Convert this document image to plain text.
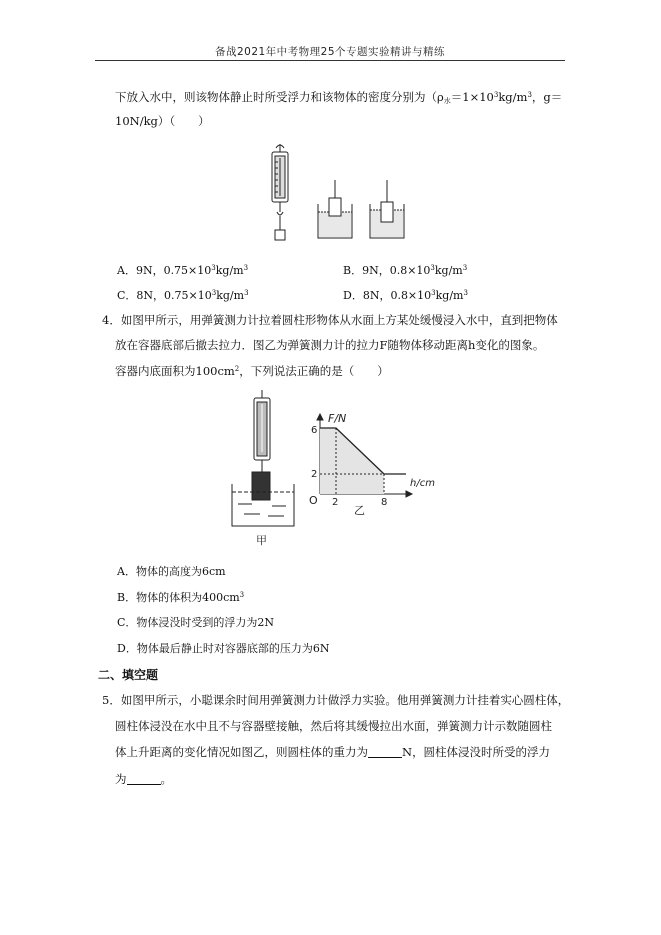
备战2021年中考物理25个专题实验精讲与精练
下放入水中，则该物体静止时所受浮力和该物体的密度分别为（$\rho_水=1\times 10^3kg/m^3$，g＝
10N/kg）（　　）
A．9N，$0.75\times 10^3kg/m^3$	B．9N，$0.8\times 10^3kg/m^3$
C．8N，$0.75\times 10^3kg/m^3$	D．8N，$0.8\times 10^3kg/m^3$
4．如图甲所示，用弹簧测力计拉着圆柱形物体从水面上方某处缓慢浸入水中，直到把物体
放在容器底部后撤去拉力．图乙为弹簧测力计的拉力F随物体移动距离h变化的图象。
容器内底面积为$100cm^2$，下列说法正确的是（　　）
甲
F/N
h/cm
O
6
2
2	8
乙
A．物体的高度为6cm
B．物体的体积为$400cm^3$
C．物体浸没时受到的浮力为2N
D．物体最后静止时对容器底部的压力为6N
二、填空题
5．如图甲所示，小聪课余时间用弹簧测力计做浮力实验。他用弹簧测力计挂着实心圆柱体，
圆柱体浸没在水中且不与容器壁接触，然后将其缓慢拉出水面，弹簧测力计示数随圆柱
体上升距离的变化情况如图乙，则圆柱体的重力为	N，圆柱体浸没时所受的浮力
为	。
